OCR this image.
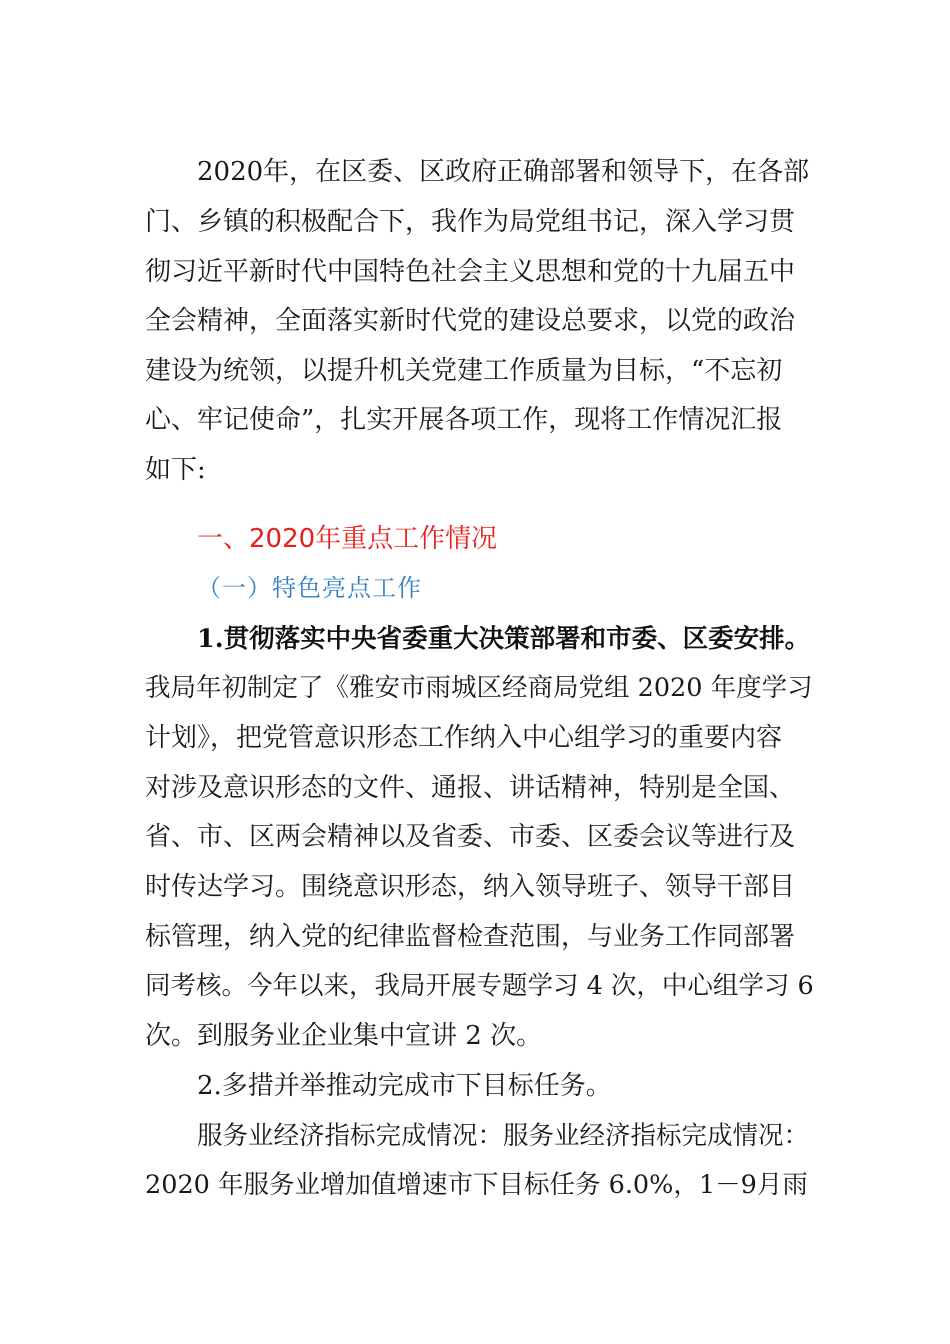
2020年，在区委、区政府正确部署和领导下，在各部
门、乡镇的积极配合下，我作为局党组书记，深入学习贯
彻习近平新时代中国特色社会主义思想和党的十九届五中
全会精神，全面落实新时代党的建设总要求，以党的政治
建设为统领，以提升机关党建工作质量为目标，“不忘初
心、牢记使命”，扎实开展各项工作，现将工作情况汇报
如下:
一、2020年重点工作情况
（一）特色亮点工作
1.贯彻落实中央省委重大决策部署和市委、区委安排。
我局年初制定了《雅安市雨城区经商局党组 2020 年度学习
计划》，把党管意识形态工作纳入中心组学习的重要内容
对涉及意识形态的文件、通报、讲话精神，特别是全国、
省、市、区两会精神以及省委、市委、区委会议等进行及
时传达学习。围绕意识形态，纳入领导班子、领导干部目
标管理，纳入党的纪律监督检查范围，与业务工作同部署
同考核。今年以来，我局开展专题学习 4 次，中心组学习 6
次。到服务业企业集中宣讲 2 次。
2.多措并举推动完成市下目标任务。
服务业经济指标完成情况：服务业经济指标完成情况：
2020 年服务业增加值增速市下目标任务 6.0%，1－9月雨
